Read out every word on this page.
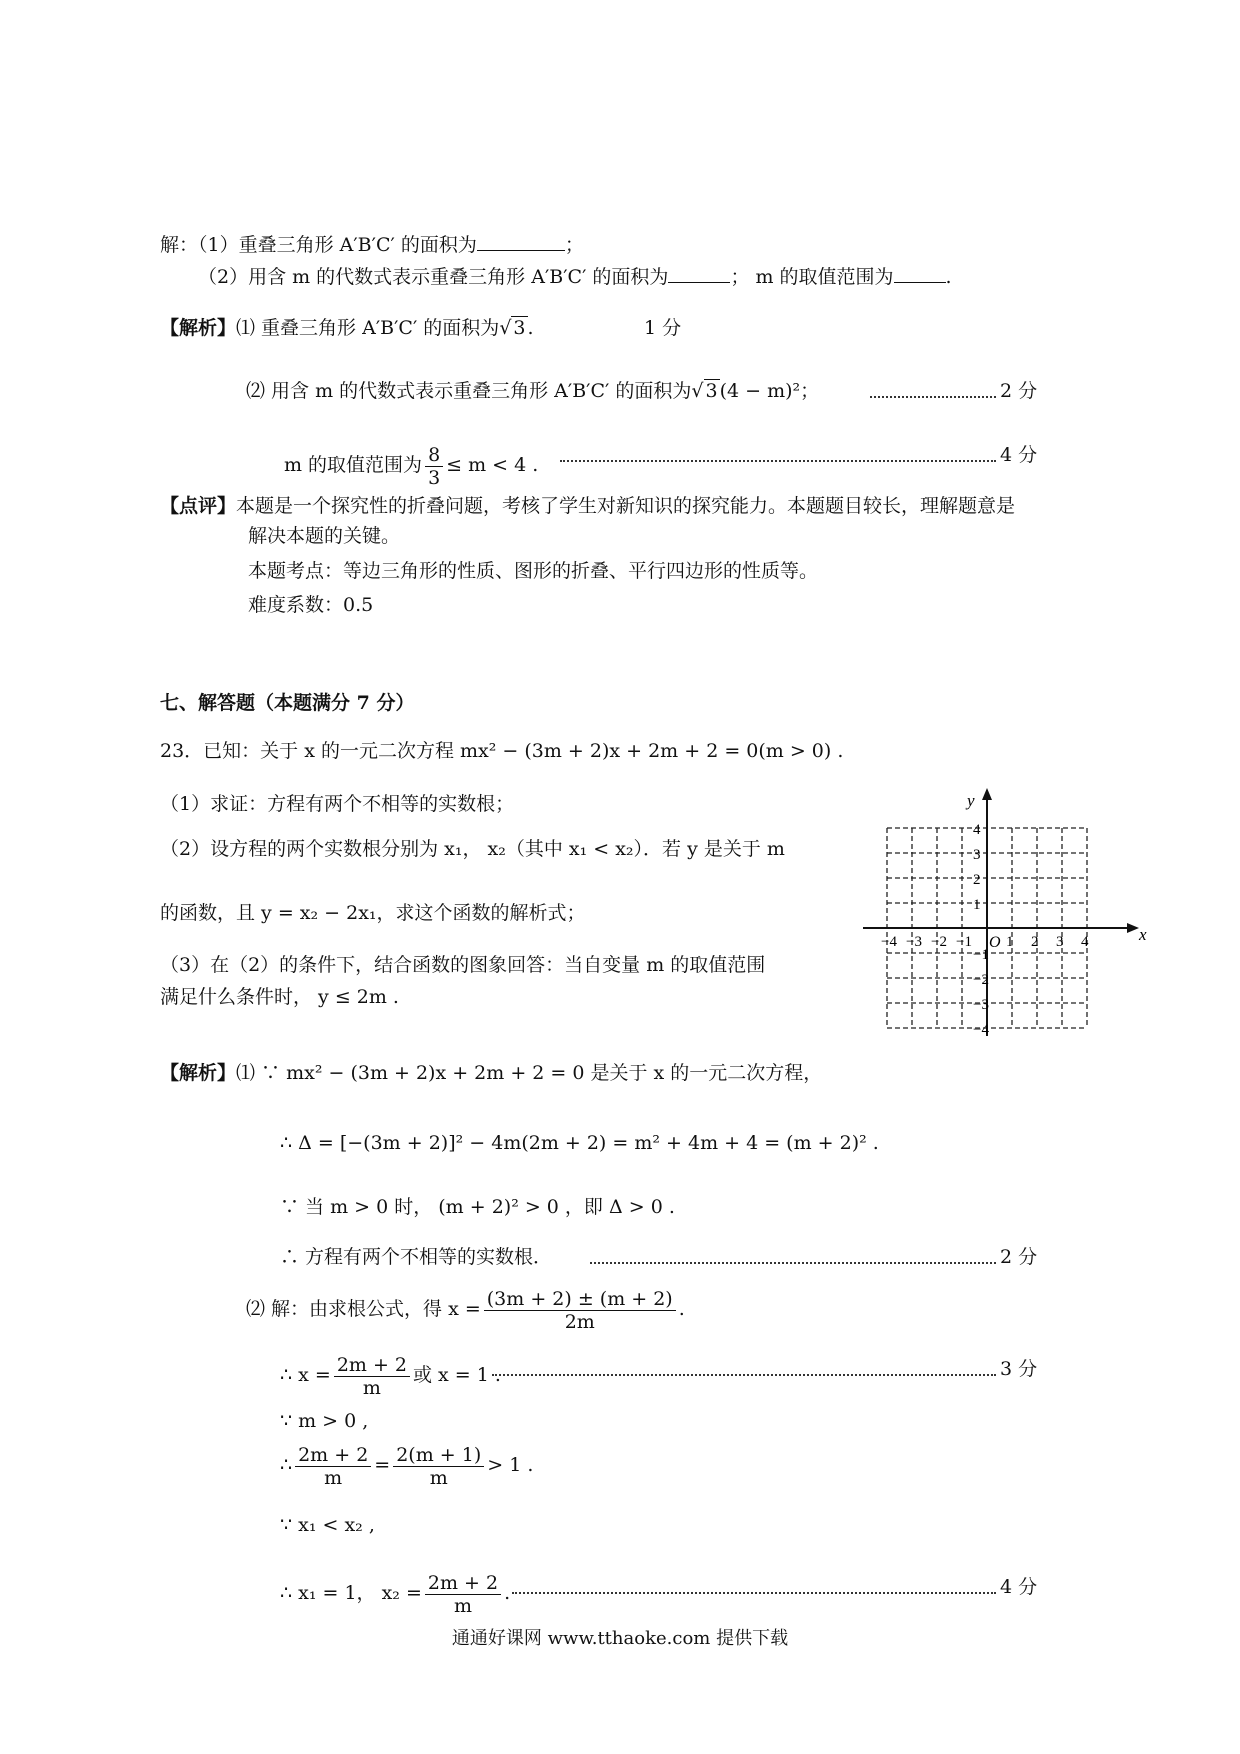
解：（1）重叠三角形 A′B′C′ 的面积为	；
（2）用含 m 的代数式表示重叠三角形 A′B′C′ 的面积为	； m 的取值范围为	.
【解析】⑴ 重叠三角形 A′B′C′ 的面积为√ 3 .	1 分
⑵ 用含 m 的代数式表示重叠三角形 A′B′C′ 的面积为√ 3 (4 − m)²；	2 分
m 的取值范围为 $\frac{8}{3} \le m < 4$ .	4 分
【点评】本题是一个探究性的折叠问题，考核了学生对新知识的探究能力。本题题目较长，理解题意是
解决本题的关键。
本题考点：等边三角形的性质、图形的折叠、平行四边形的性质等。
难度系数：0.5
七、解答题（本题满分 7 分）
23．已知：关于 x 的一元二次方程 mx² − (3m + 2)x + 2m + 2 = 0(m > 0) .
（1）求证：方程有两个不相等的实数根；
（2）设方程的两个实数根分别为 x₁， x₂（其中 x₁ < x₂）．若 y 是关于 m
的函数，且 y = x₂ − 2x₁，求这个函数的解析式；
（3）在（2）的条件下，结合函数的图象回答：当自变量 m 的取值范围
满足什么条件时， y ≤ 2m .
x
y
O
−4 −3 −2 −1 1 2 3 4
4
3
2
1
−1
−2
−3
−4
【解析】⑴ ∵ mx² − (3m + 2)x + 2m + 2 = 0 是关于 x 的一元二次方程，
∴ Δ = [−(3m + 2)]² − 4m(2m + 2) = m² + 4m + 4 = (m + 2)² .
∵ 当 m > 0 时， (m + 2)² > 0 ，即 Δ > 0 .
∴ 方程有两个不相等的实数根．	2 分
⑵ 解：由求根公式，得 $x = \frac{(3m + 2) \pm (m + 2)}{2m}$ .
∴ $x = \frac{2m + 2}{m}$ 或 x = 1 .	3 分
∵ m > 0 ,
∴ $\frac{2m + 2}{m} = \frac{2(m + 1)}{m} > 1$ .
∵ x₁ < x₂ ,
∴ x₁ = 1， $x_2 = \frac{2m + 2}{m}$ .	4 分
通通好课网 www.tthaoke.com 提供下载
